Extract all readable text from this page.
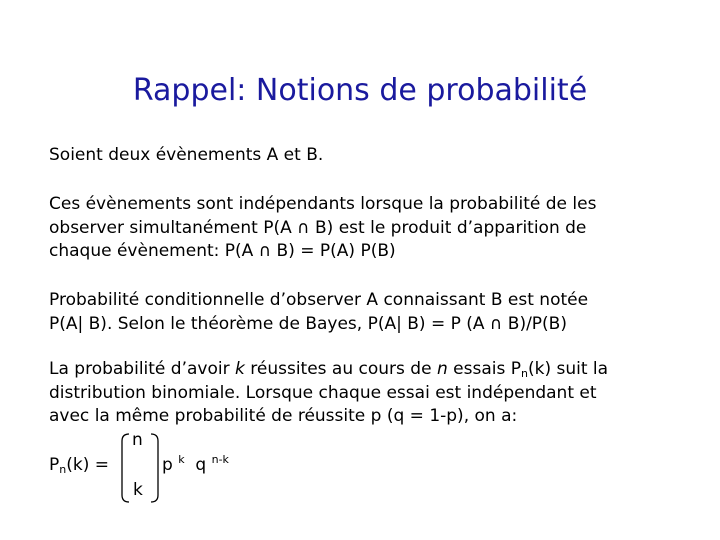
Rappel: Notions de probabilité
Soient deux évènements A et B.
Ces évènements sont indépendants lorsque la probabilité de les
observer simultanément P(A ∩ B) est le produit d’apparition de
chaque évènement: P(A ∩ B) = P(A) P(B)
Probabilité conditionnelle d’observer A connaissant B est notée
P(A| B). Selon le théorème de Bayes, P(A| B) = P (A ∩ B)/P(B)
La probabilité d’avoir k réussites au cours de n essais $P_n(k)$ suit la
distribution binomiale. Lorsque chaque essai est indépendant et
avec la même probabilité de réussite p (q = 1-p), on a:
$P_n(k)$ =
n
k
p $^k$ q $^{n-k}$
